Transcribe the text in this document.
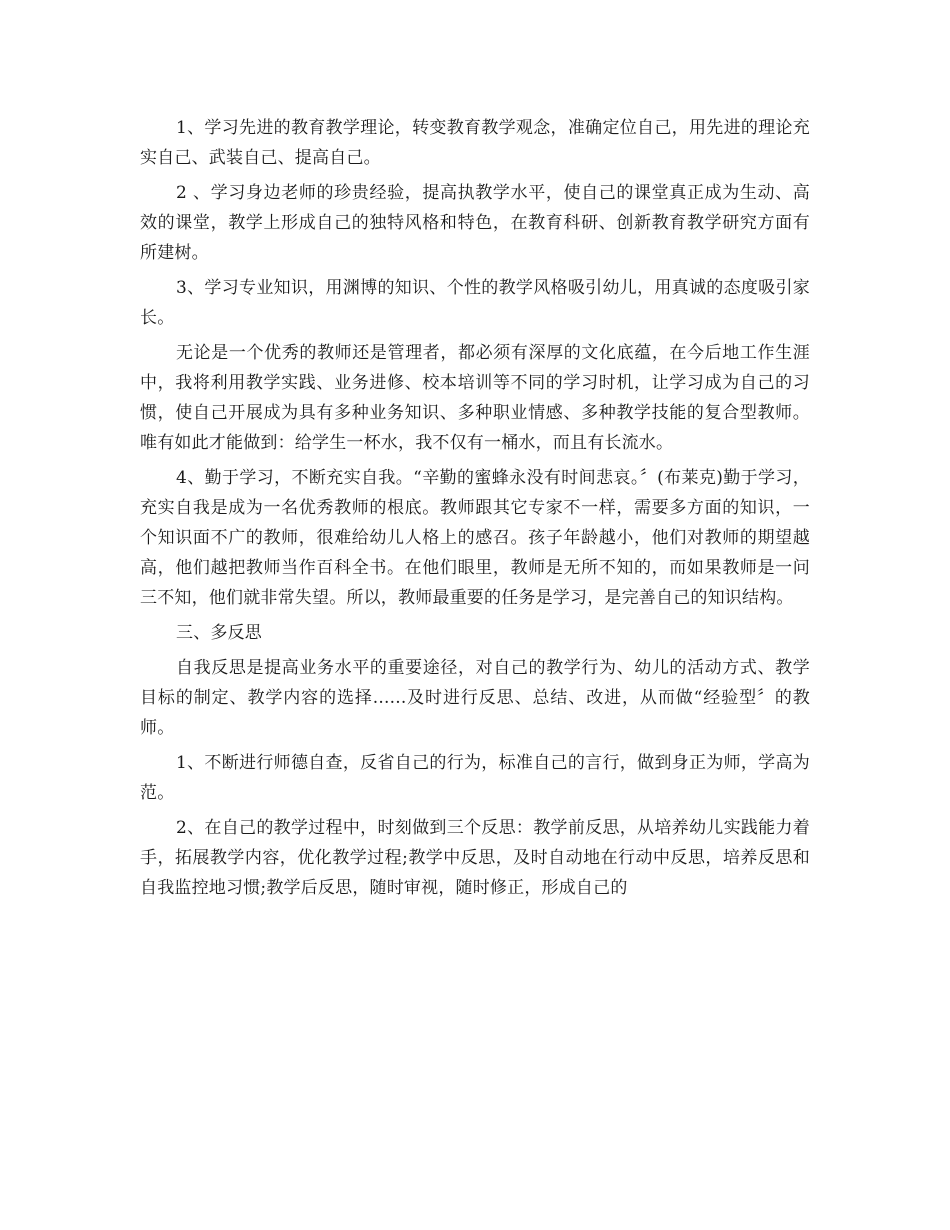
1、学习先进的教育教学理论，转变教育教学观念，准确定位自己，用先进的理论充实自己、武装自己、提高自己。

2 、学习身边老师的珍贵经验，提高执教学水平，使自己的课堂真正成为生动、高效的课堂，教学上形成自己的独特风格和特色，在教育科研、创新教育教学研究方面有所建树。

3、学习专业知识，用渊博的知识、个性的教学风格吸引幼儿，用真诚的态度吸引家长。

无论是一个优秀的教师还是管理者，都必须有深厚的文化底蕴，在今后地工作生涯中，我将利用教学实践、业务进修、校本培训等不同的学习时机，让学习成为自己的习惯，使自己开展成为具有多种业务知识、多种职业情感、多种教学技能的复合型教师。唯有如此才能做到：给学生一杯水，我不仅有一桶水，而且有长流水。

4、勤于学习，不断充实自我。“辛勤的蜜蜂永没有时间悲哀。〞(布莱克)勤于学习，充实自我是成为一名优秀教师的根底。教师跟其它专家不一样，需要多方面的知识，一个知识面不广的教师，很难给幼儿人格上的感召。孩子年龄越小，他们对教师的期望越高，他们越把教师当作百科全书。在他们眼里，教师是无所不知的，而如果教师是一问三不知，他们就非常失望。所以，教师最重要的任务是学习，是完善自己的知识结构。

三、多反思

自我反思是提高业务水平的重要途径，对自己的教学行为、幼儿的活动方式、教学目标的制定、教学内容的选择......及时进行反思、总结、改进，从而做“经验型〞的教师。

1、不断进行师德自查，反省自己的行为，标准自己的言行，做到身正为师，学高为范。

2、在自己的教学过程中，时刻做到三个反思：教学前反思，从培养幼儿实践能力着手，拓展教学内容，优化教学过程;教学中反思，及时自动地在行动中反思，培养反思和自我监控地习惯;教学后反思，随时审视，随时修正，形成自己的
